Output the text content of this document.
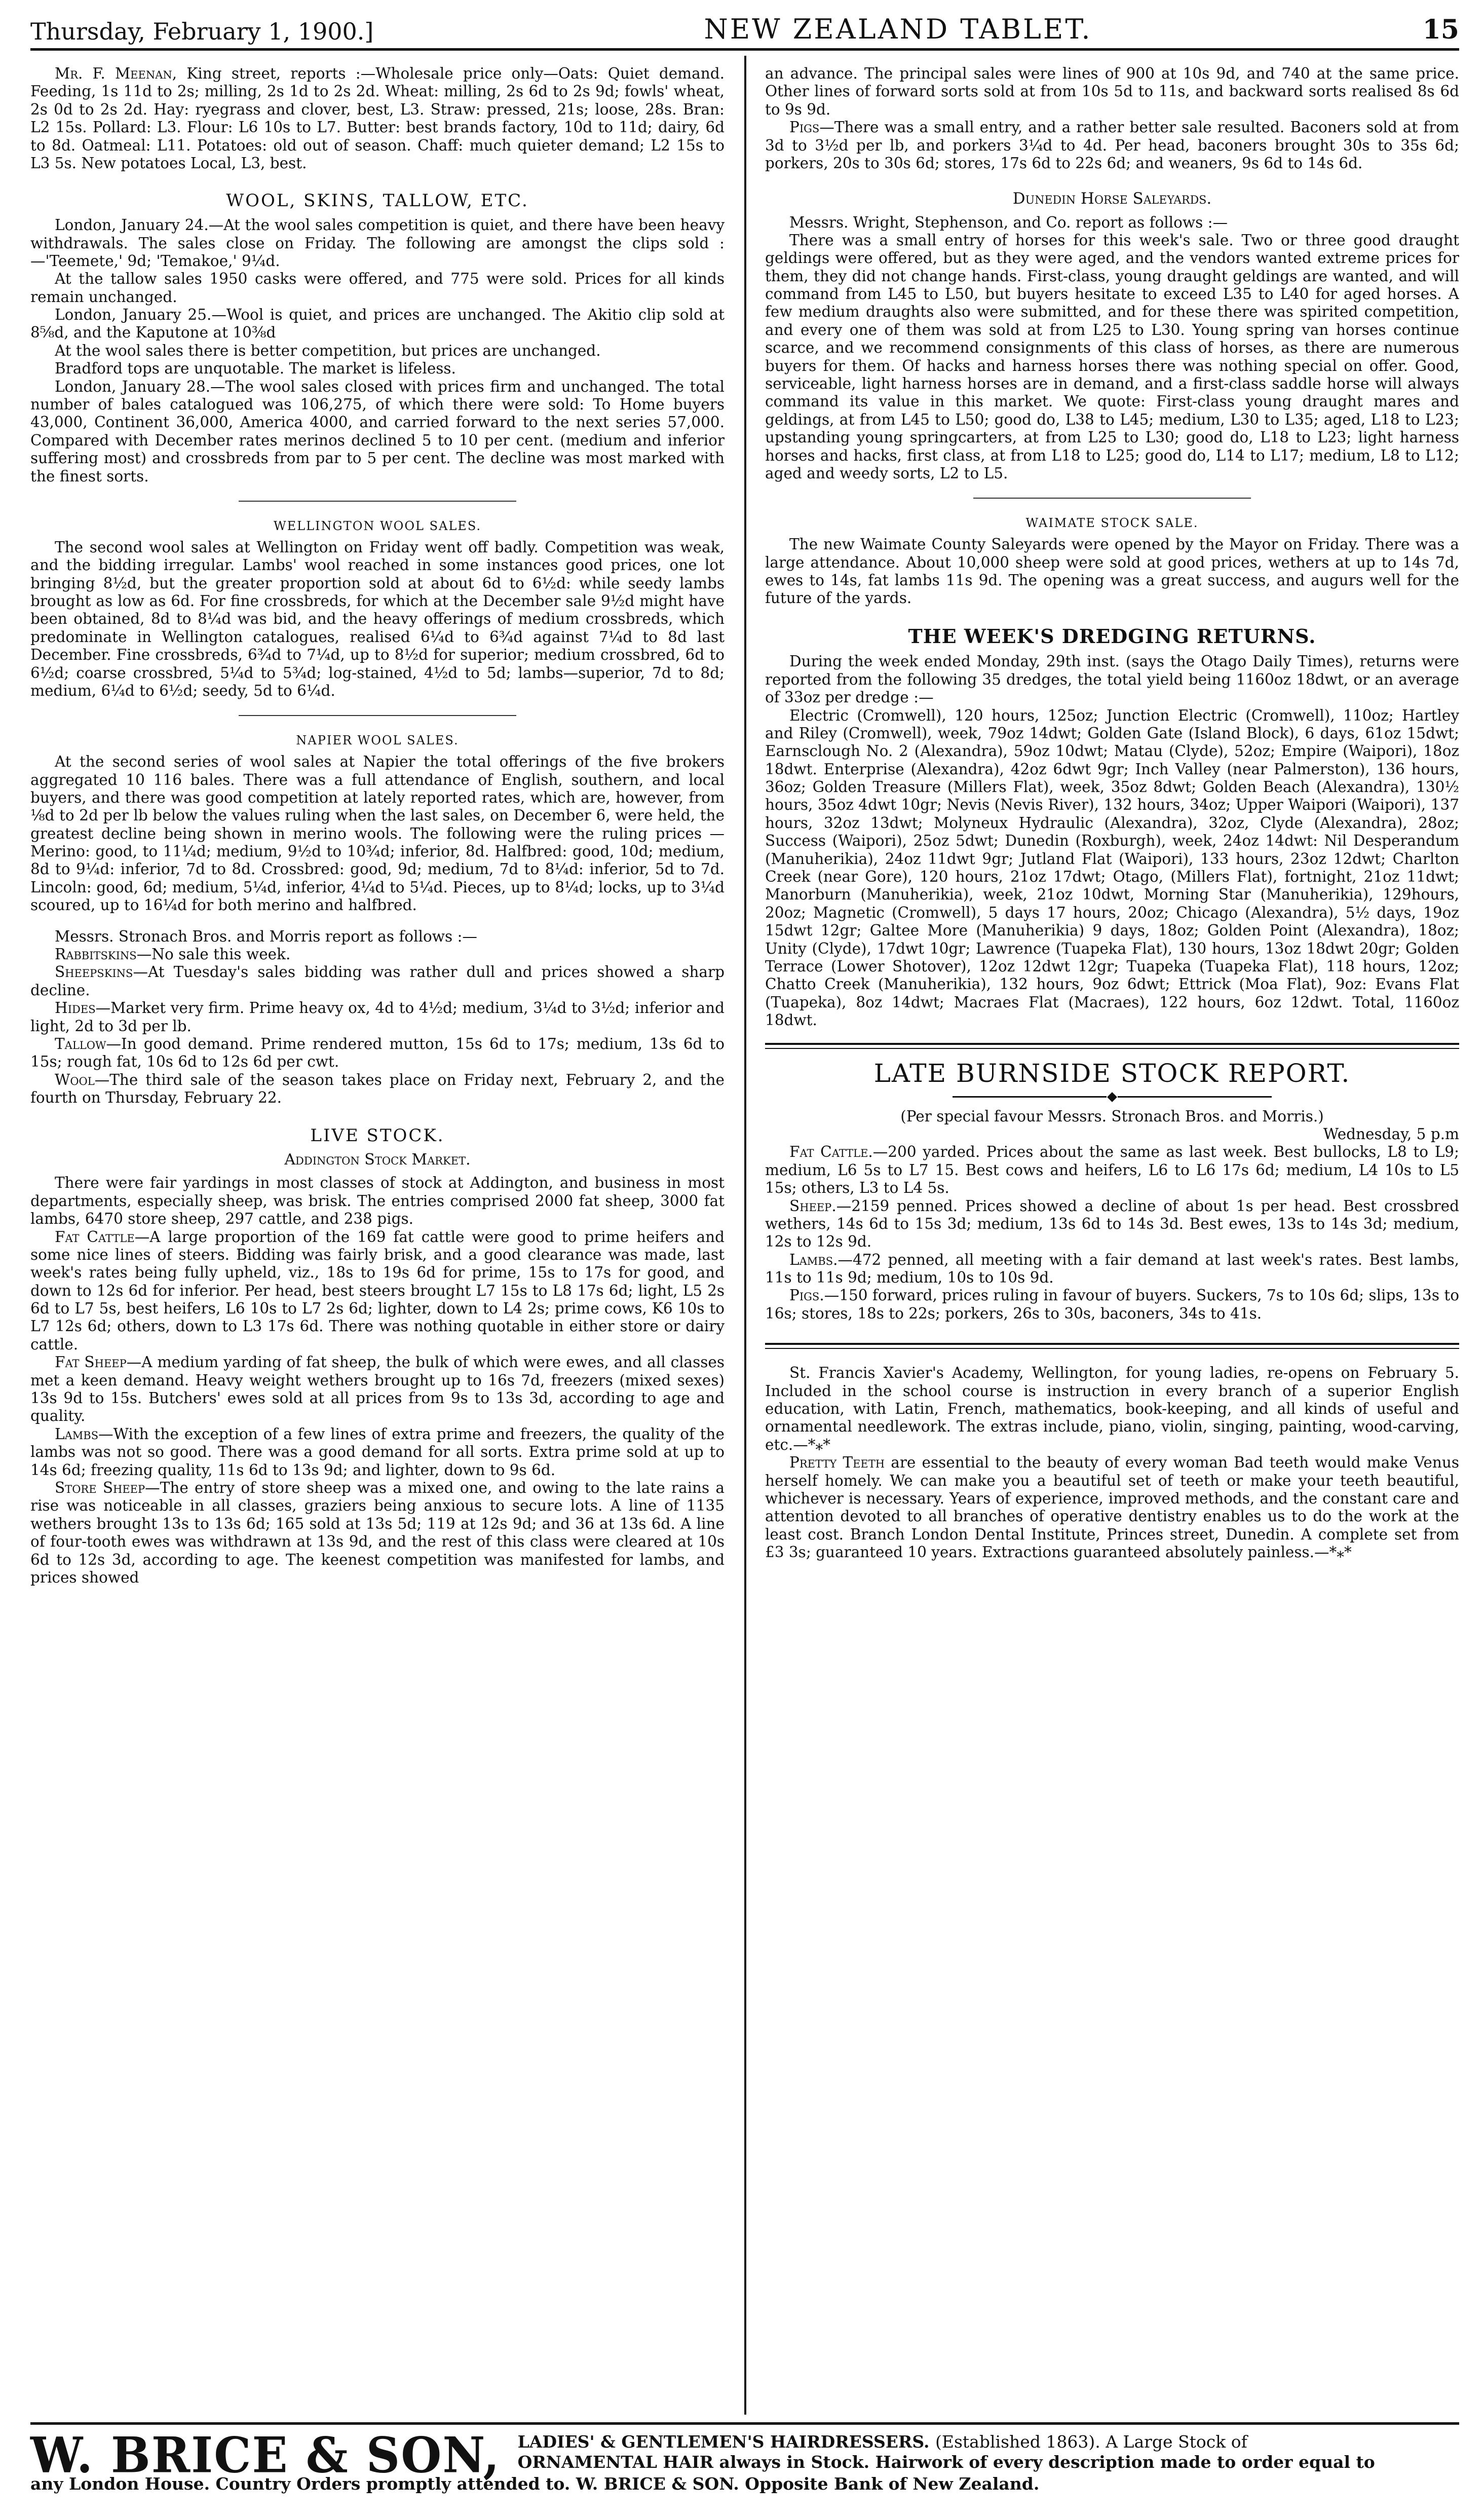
Thursday, February 1, 1900.]	NEW ZEALAND TABLET.	15

Mr. F. Meenan, King street, reports :—Wholesale price only—Oats: Quiet demand. Feeding, 1s 11d to 2s; milling, 2s 1d to 2s 2d. Wheat: milling, 2s 6d to 2s 9d; fowls' wheat, 2s 0d to 2s 2d. Hay: ryegrass and clover, best, L3. Straw: pressed, 21s; loose, 28s. Bran: L2 15s. Pollard: L3. Flour: L6 10s to L7. Butter: best brands factory, 10d to 11d; dairy, 6d to 8d. Oatmeal: L11. Potatoes: old out of season. Chaff: much quieter demand; L2 15s to L3 5s. New potatoes Local, L3, best.

WOOL, SKINS, TALLOW, ETC.

London, January 24.—At the wool sales competition is quiet, and there have been heavy withdrawals. The sales close on Friday. The following are amongst the clips sold :—'Teemete,' 9d; 'Temakoe,' 9¼d.

At the tallow sales 1950 casks were offered, and 775 were sold. Prices for all kinds remain unchanged.

London, January 25.—Wool is quiet, and prices are unchanged. The Akitio clip sold at 8⅝d, and the Kaputone at 10⅜d

At the wool sales there is better competition, but prices are unchanged.

Bradford tops are unquotable. The market is lifeless.

London, January 28.—The wool sales closed with prices firm and unchanged. The total number of bales catalogued was 106,275, of which there were sold: To Home buyers 43,000, Continent 36,000, America 4000, and carried forward to the next series 57,000. Compared with December rates merinos declined 5 to 10 per cent. (medium and inferior suffering most) and crossbreds from par to 5 per cent. The decline was most marked with the finest sorts.

WELLINGTON WOOL SALES.

The second wool sales at Wellington on Friday went off badly. Competition was weak, and the bidding irregular. Lambs' wool reached in some instances good prices, one lot bringing 8½d, but the greater proportion sold at about 6d to 6½d: while seedy lambs brought as low as 6d. For fine crossbreds, for which at the December sale 9½d might have been obtained, 8d to 8¼d was bid, and the heavy offerings of medium crossbreds, which predominate in Wellington catalogues, realised 6¼d to 6¾d against 7¼d to 8d last December. Fine crossbreds, 6¾d to 7¼d, up to 8½d for superior; medium crossbred, 6d to 6½d; coarse crossbred, 5¼d to 5¾d; log-stained, 4½d to 5d; lambs—superior, 7d to 8d; medium, 6¼d to 6½d; seedy, 5d to 6¼d.

NAPIER WOOL SALES.

At the second series of wool sales at Napier the total offerings of the five brokers aggregated 10 116 bales. There was a full attendance of English, southern, and local buyers, and there was good competition at lately reported rates, which are, however, from ⅛d to 2d per lb below the values ruling when the last sales, on December 6, were held, the greatest decline being shown in merino wools. The following were the ruling prices —Merino: good, to 11¼d; medium, 9½d to 10¾d; inferior, 8d. Halfbred: good, 10d; medium, 8d to 9¼d: inferior, 7d to 8d. Crossbred: good, 9d; medium, 7d to 8¼d: inferior, 5d to 7d. Lincoln: good, 6d; medium, 5¼d, inferior, 4¼d to 5¼d. Pieces, up to 8¼d; locks, up to 3¼d scoured, up to 16¼d for both merino and halfbred.

Messrs. Stronach Bros. and Morris report as follows :—

Rabbitskins—No sale this week.

Sheepskins—At Tuesday's sales bidding was rather dull and prices showed a sharp decline.

Hides—Market very firm. Prime heavy ox, 4d to 4½d; medium, 3¼d to 3½d; inferior and light, 2d to 3d per lb.

Tallow—In good demand. Prime rendered mutton, 15s 6d to 17s; medium, 13s 6d to 15s; rough fat, 10s 6d to 12s 6d per cwt.

Wool—The third sale of the season takes place on Friday next, February 2, and the fourth on Thursday, February 22.

LIVE STOCK.
Addington Stock Market.

There were fair yardings in most classes of stock at Addington, and business in most departments, especially sheep, was brisk. The entries comprised 2000 fat sheep, 3000 fat lambs, 6470 store sheep, 297 cattle, and 238 pigs.

Fat Cattle—A large proportion of the 169 fat cattle were good to prime heifers and some nice lines of steers. Bidding was fairly brisk, and a good clearance was made, last week's rates being fully upheld, viz., 18s to 19s 6d for prime, 15s to 17s for good, and down to 12s 6d for inferior. Per head, best steers brought L7 15s to L8 17s 6d; light, L5 2s 6d to L7 5s, best heifers, L6 10s to L7 2s 6d; lighter, down to L4 2s; prime cows, K6 10s to L7 12s 6d; others, down to L3 17s 6d. There was nothing quotable in either store or dairy cattle.

Fat Sheep—A medium yarding of fat sheep, the bulk of which were ewes, and all classes met a keen demand. Heavy weight wethers brought up to 16s 7d, freezers (mixed sexes) 13s 9d to 15s. Butchers' ewes sold at all prices from 9s to 13s 3d, according to age and quality.

Lambs—With the exception of a few lines of extra prime and freezers, the quality of the lambs was not so good. There was a good demand for all sorts. Extra prime sold at up to 14s 6d; freezing quality, 11s 6d to 13s 9d; and lighter, down to 9s 6d.

Store Sheep—The entry of store sheep was a mixed one, and owing to the late rains a rise was noticeable in all classes, graziers being anxious to secure lots. A line of 1135 wethers brought 13s to 13s 6d; 165 sold at 13s 5d; 119 at 12s 9d; and 36 at 13s 6d. A line of four-tooth ewes was withdrawn at 13s 9d, and the rest of this class were cleared at 10s 6d to 12s 3d, according to age. The keenest competition was manifested for lambs, and prices showed

an advance. The principal sales were lines of 900 at 10s 9d, and 740 at the same price. Other lines of forward sorts sold at from 10s 5d to 11s, and backward sorts realised 8s 6d to 9s 9d.

Pigs—There was a small entry, and a rather better sale resulted. Baconers sold at from 3d to 3½d per lb, and porkers 3¼d to 4d. Per head, baconers brought 30s to 35s 6d; porkers, 20s to 30s 6d; stores, 17s 6d to 22s 6d; and weaners, 9s 6d to 14s 6d.

Dunedin Horse Saleyards.

Messrs. Wright, Stephenson, and Co. report as follows :—

There was a small entry of horses for this week's sale. Two or three good draught geldings were offered, but as they were aged, and the vendors wanted extreme prices for them, they did not change hands. First-class, young draught geldings are wanted, and will command from L45 to L50, but buyers hesitate to exceed L35 to L40 for aged horses. A few medium draughts also were submitted, and for these there was spirited competition, and every one of them was sold at from L25 to L30. Young spring van horses continue scarce, and we recommend consignments of this class of horses, as there are numerous buyers for them. Of hacks and harness horses there was nothing special on offer. Good, serviceable, light harness horses are in demand, and a first-class saddle horse will always command its value in this market. We quote: First-class young draught mares and geldings, at from L45 to L50; good do, L38 to L45; medium, L30 to L35; aged, L18 to L23; upstanding young springcarters, at from L25 to L30; good do, L18 to L23; light harness horses and hacks, first class, at from L18 to L25; good do, L14 to L17; medium, L8 to L12; aged and weedy sorts, L2 to L5.

WAIMATE STOCK SALE.

The new Waimate County Saleyards were opened by the Mayor on Friday. There was a large attendance. About 10,000 sheep were sold at good prices, wethers at up to 14s 7d, ewes to 14s, fat lambs 11s 9d. The opening was a great success, and augurs well for the future of the yards.

THE WEEK'S DREDGING RETURNS.

During the week ended Monday, 29th inst. (says the Otago Daily Times), returns were reported from the following 35 dredges, the total yield being 1160oz 18dwt, or an average of 33oz per dredge :—

Electric (Cromwell), 120 hours, 125oz; Junction Electric (Cromwell), 110oz; Hartley and Riley (Cromwell), week, 79oz 14dwt; Golden Gate (Island Block), 6 days, 61oz 15dwt; Earnsclough No. 2 (Alexandra), 59oz 10dwt; Matau (Clyde), 52oz; Empire (Waipori), 18oz 18dwt. Enterprise (Alexandra), 42oz 6dwt 9gr; Inch Valley (near Palmerston), 136 hours, 36oz; Golden Treasure (Millers Flat), week, 35oz 8dwt; Golden Beach (Alexandra), 130½ hours, 35oz 4dwt 10gr; Nevis (Nevis River), 132 hours, 34oz; Upper Waipori (Waipori), 137 hours, 32oz 13dwt; Molyneux Hydraulic (Alexandra), 32oz, Clyde (Alexandra), 28oz; Success (Waipori), 25oz 5dwt; Dunedin (Roxburgh), week, 24oz 14dwt: Nil Desperandum (Manuherikia), 24oz 11dwt 9gr; Jutland Flat (Waipori), 133 hours, 23oz 12dwt; Charlton Creek (near Gore), 120 hours, 21oz 17dwt; Otago, (Millers Flat), fortnight, 21oz 11dwt; Manorburn (Manuherikia), week, 21oz 10dwt, Morning Star (Manuherikia), 129hours, 20oz; Magnetic (Cromwell), 5 days 17 hours, 20oz; Chicago (Alexandra), 5½ days, 19oz 15dwt 12gr; Galtee More (Manuherikia) 9 days, 18oz; Golden Point (Alexandra), 18oz; Unity (Clyde), 17dwt 10gr; Lawrence (Tuapeka Flat), 130 hours, 13oz 18dwt 20gr; Golden Terrace (Lower Shotover), 12oz 12dwt 12gr; Tuapeka (Tuapeka Flat), 118 hours, 12oz; Chatto Creek (Manuherikia), 132 hours, 9oz 6dwt; Ettrick (Moa Flat), 9oz: Evans Flat (Tuapeka), 8oz 14dwt; Macraes Flat (Macraes), 122 hours, 6oz 12dwt. Total, 1160oz 18dwt.

LATE BURNSIDE STOCK REPORT.

(Per special favour Messrs. Stronach Bros. and Morris.)

Wednesday, 5 p.m

Fat Cattle.—200 yarded. Prices about the same as last week. Best bullocks, L8 to L9; medium, L6 5s to L7 15. Best cows and heifers, L6 to L6 17s 6d; medium, L4 10s to L5 15s; others, L3 to L4 5s.

Sheep.—2159 penned. Prices showed a decline of about 1s per head. Best crossbred wethers, 14s 6d to 15s 3d; medium, 13s 6d to 14s 3d. Best ewes, 13s to 14s 3d; medium, 12s to 12s 9d.

Lambs.—472 penned, all meeting with a fair demand at last week's rates. Best lambs, 11s to 11s 9d; medium, 10s to 10s 9d.

Pigs.—150 forward, prices ruling in favour of buyers. Suckers, 7s to 10s 6d; slips, 13s to 16s; stores, 18s to 22s; porkers, 26s to 30s, baconers, 34s to 41s.

St. Francis Xavier's Academy, Wellington, for young ladies, re-opens on February 5. Included in the school course is instruction in every branch of a superior English education, with Latin, French, mathematics, book-keeping, and all kinds of useful and ornamental needlework. The extras include, piano, violin, singing, painting, wood-carving, etc.—*⁎*

Pretty Teeth are essential to the beauty of every woman Bad teeth would make Venus herself homely. We can make you a beautiful set of teeth or make your teeth beautiful, whichever is necessary. Years of experience, improved methods, and the constant care and attention devoted to all branches of operative dentistry enables us to do the work at the least cost. Branch London Dental Institute, Princes street, Dunedin. A complete set from £3 3s; guaranteed 10 years. Extractions guaranteed absolutely painless.—*⁎*

W. BRICE & SON, LADIES' & GENTLEMEN'S HAIRDRESSERS. (Established 1863). A Large Stock of
ORNAMENTAL HAIR always in Stock. Hairwork of every description made to order equal to
any London House. Country Orders promptly attended to. W. BRICE & SON. Opposite Bank of New Zealand.
